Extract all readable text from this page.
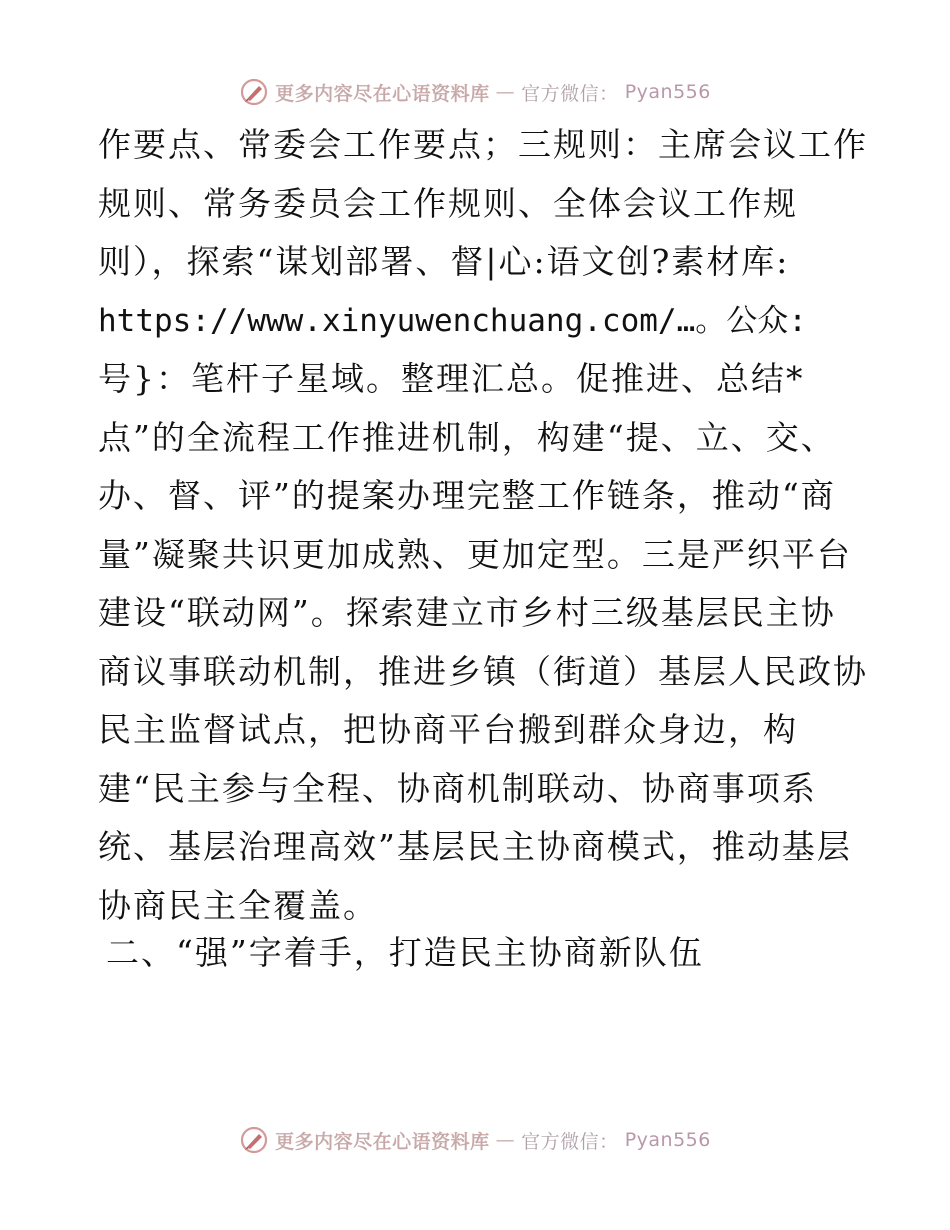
更多内容尽在心语资料库 — 官方微信： Pyan556
作要点、常委会工作要点；三规则：主席会议工作
规则、常务委员会工作规则、全体会议工作规
则），探索“谋划部署、督|心:语文创?素材库:
https://www.xinyuwenchuang.com/…。公众:
号}：笔杆子星域。整理汇总。促推进、总结*
点”的全流程工作推进机制，构建“提、立、交、
办、督、评”的提案办理完整工作链条，推动“商
量”凝聚共识更加成熟、更加定型。三是严织平台
建设“联动网”。探索建立市乡村三级基层民主协
商议事联动机制，推进乡镇（街道）基层人民政协
民主监督试点，把协商平台搬到群众身边，构
建“民主参与全程、协商机制联动、协商事项系
统、基层治理高效”基层民主协商模式，推动基层
协商民主全覆盖。
二、“强”字着手，打造民主协商新队伍
更多内容尽在心语资料库 — 官方微信： Pyan556
